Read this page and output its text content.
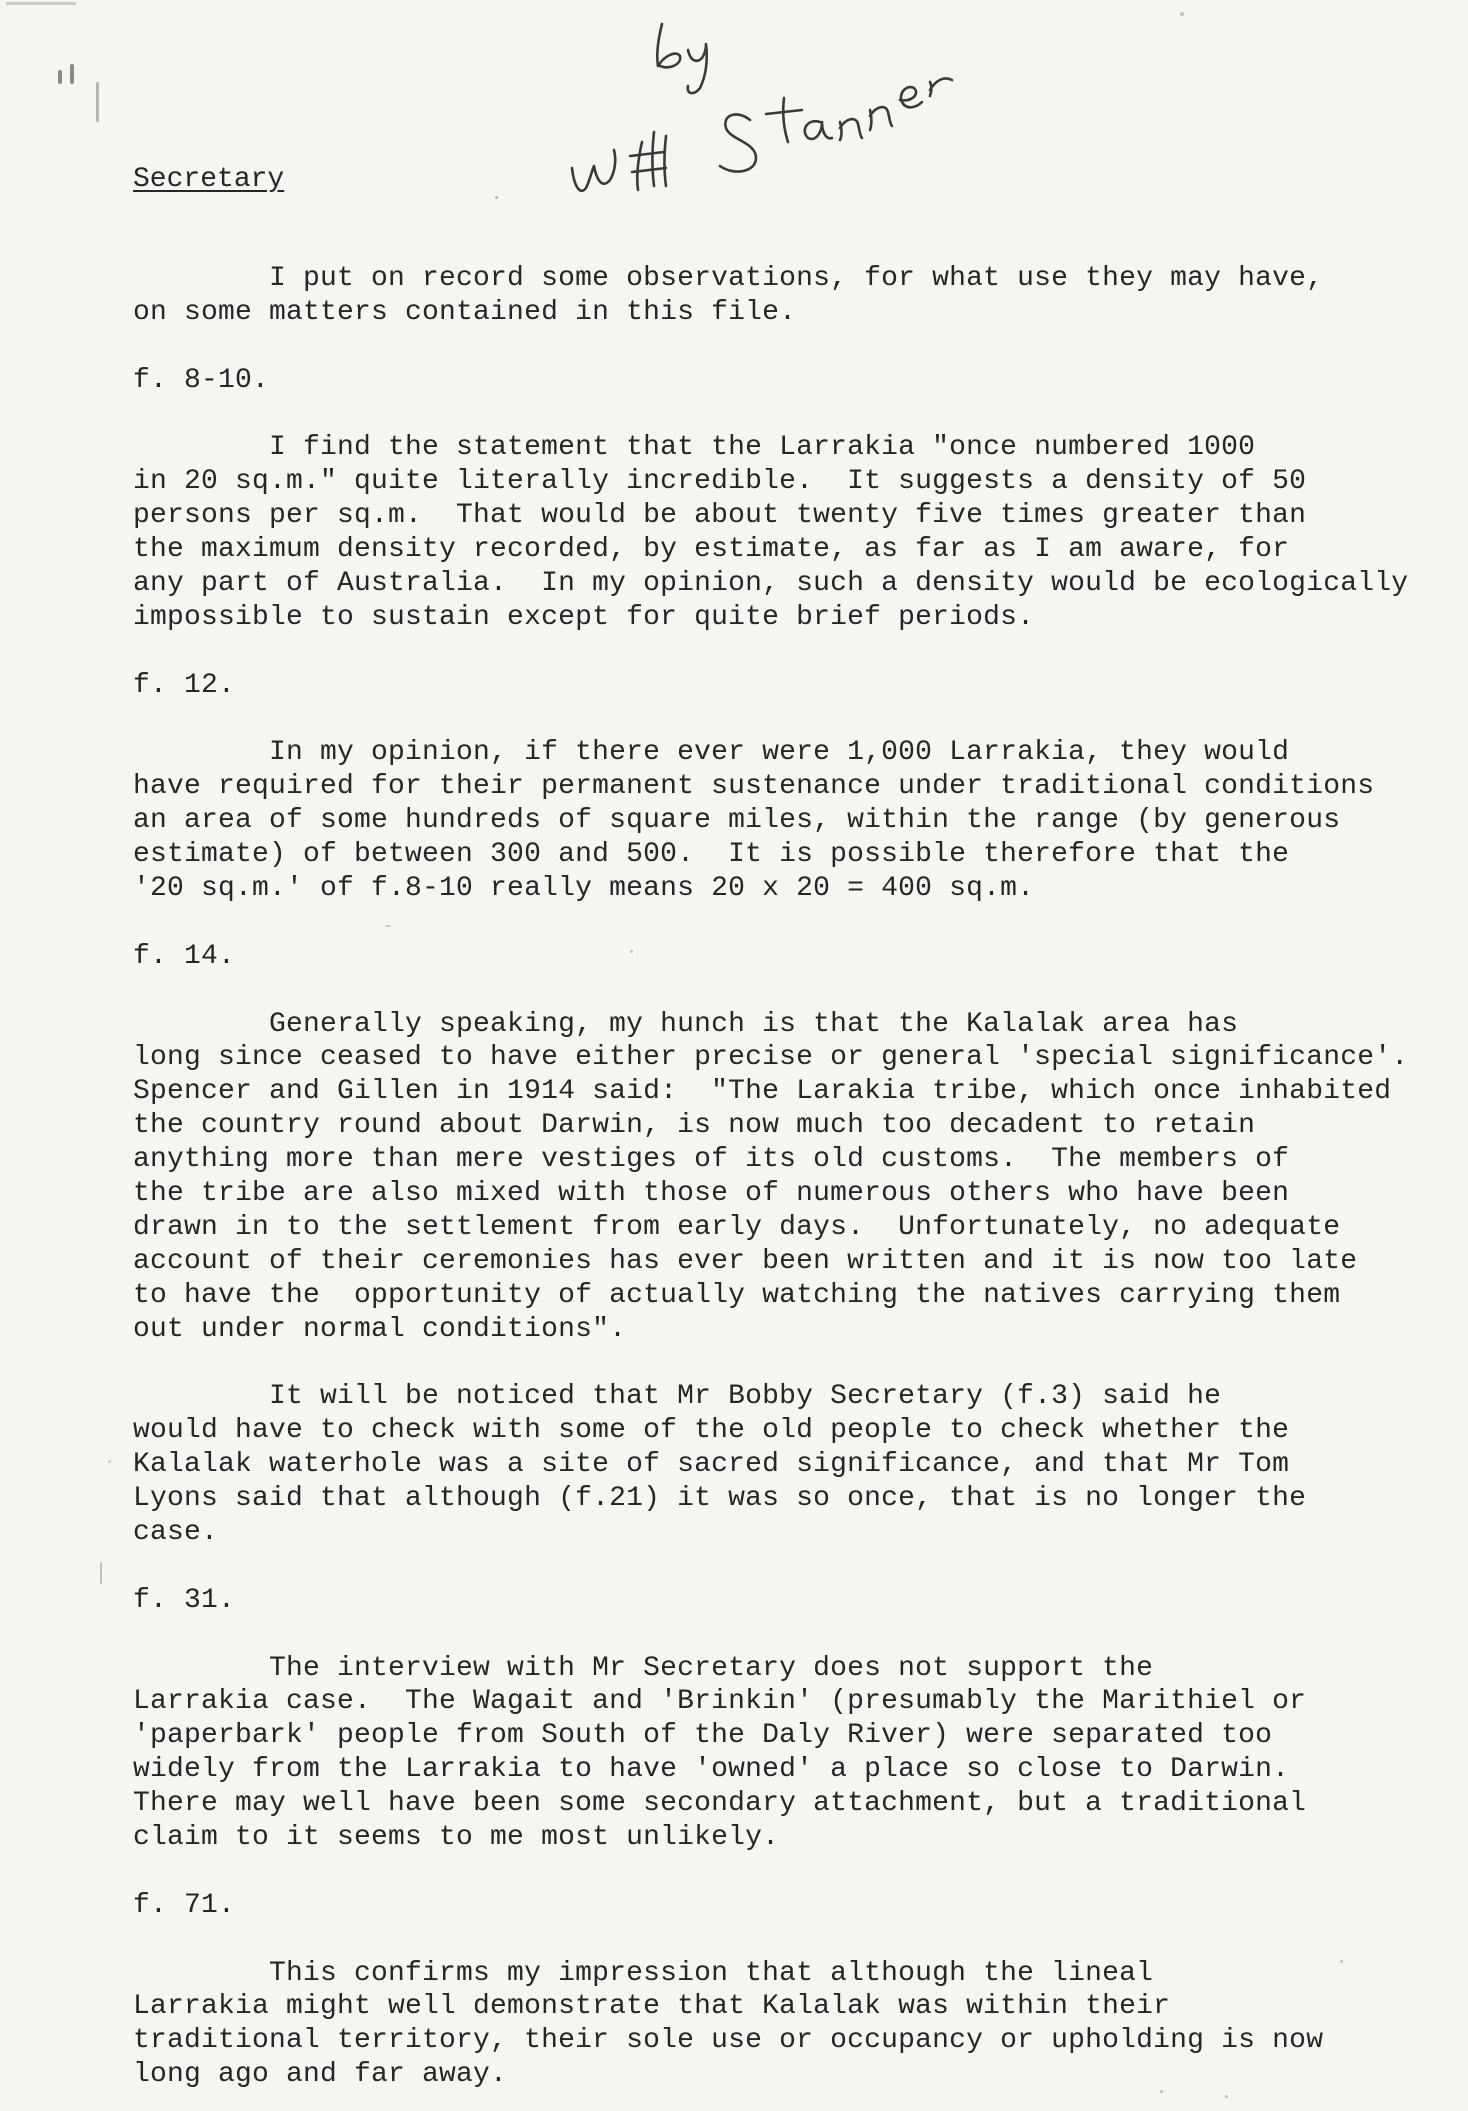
Secretary
I put on record some observations, for what use they may have,
on some matters contained in this file.
f. 8-10.
I find the statement that the Larrakia "once numbered 1000
in 20 sq.m." quite literally incredible.  It suggests a density of 50
persons per sq.m.  That would be about twenty five times greater than
the maximum density recorded, by estimate, as far as I am aware, for
any part of Australia.  In my opinion, such a density would be ecologically
impossible to sustain except for quite brief periods.
f. 12.
In my opinion, if there ever were 1,000 Larrakia, they would
have required for their permanent sustenance under traditional conditions
an area of some hundreds of square miles, within the range (by generous
estimate) of between 300 and 500.  It is possible therefore that the
'20 sq.m.' of f.8-10 really means 20 x 20 = 400 sq.m.
f. 14.
Generally speaking, my hunch is that the Kalalak area has
long since ceased to have either precise or general 'special significance'.
Spencer and Gillen in 1914 said:  "The Larakia tribe, which once inhabited
the country round about Darwin, is now much too decadent to retain
anything more than mere vestiges of its old customs.  The members of
the tribe are also mixed with those of numerous others who have been
drawn in to the settlement from early days.  Unfortunately, no adequate
account of their ceremonies has ever been written and it is now too late
to have the  opportunity of actually watching the natives carrying them
out under normal conditions".
It will be noticed that Mr Bobby Secretary (f.3) said he
would have to check with some of the old people to check whether the
Kalalak waterhole was a site of sacred significance, and that Mr Tom
Lyons said that although (f.21) it was so once, that is no longer the
case.
f. 31.
The interview with Mr Secretary does not support the
Larrakia case.  The Wagait and 'Brinkin' (presumably the Marithiel or
'paperbark' people from South of the Daly River) were separated too
widely from the Larrakia to have 'owned' a place so close to Darwin.
There may well have been some secondary attachment, but a traditional
claim to it seems to me most unlikely.
f. 71.
This confirms my impression that although the lineal
Larrakia might well demonstrate that Kalalak was within their
traditional territory, their sole use or occupancy or upholding is now
long ago and far away.
